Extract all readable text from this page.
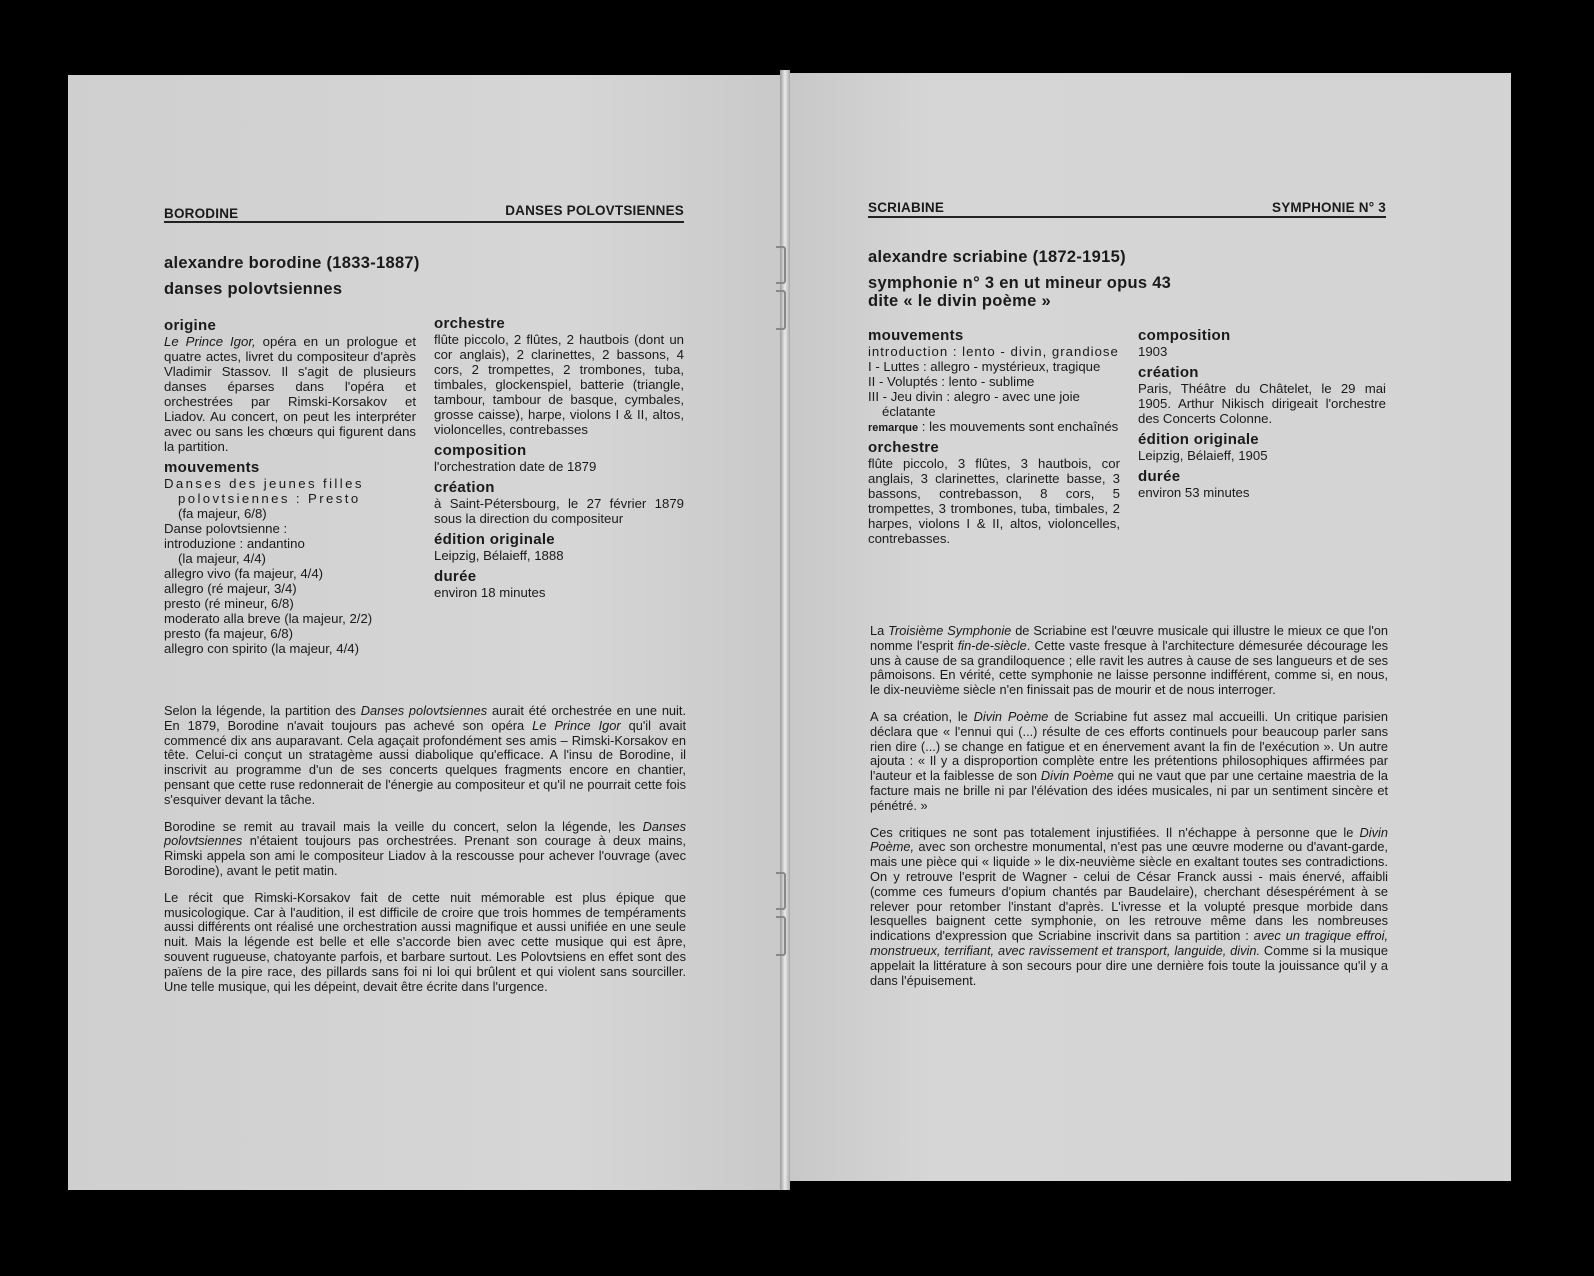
BORODINE	DANSES POLOVTSIENNES
alexandre borodine (1833-1887)
danses polovtsiennes
origine

Le Prince Igor, opéra en un prologue et quatre actes, livret du compositeur d'après Vladimir Stassov. Il s'agit de plusieurs danses éparses dans l'opéra et orchestrées par Rimski-Korsakov et Liadov. Au concert, on peut les interpréter avec ou sans les chœurs qui figurent dans la partition.

mouvements
Danses des jeunes filles polovtsiennes : Presto
(fa majeur, 6/8)
Danse polovtsienne :
introduzione : andantino
(la majeur, 4/4)
allegro vivo (fa majeur, 4/4)
allegro (ré majeur, 3/4)
presto (ré mineur, 6/8)
moderato alla breve (la majeur, 2/2)
presto (fa majeur, 6/8)
allegro con spirito (la majeur, 4/4)
orchestre

flûte piccolo, 2 flûtes, 2 hautbois (dont un cor anglais), 2 clarinettes, 2 bassons, 4 cors, 2 trompettes, 2 trombones, tuba, timbales, glockenspiel, batterie (triangle, tambour, tambour de basque, cymbales, grosse caisse), harpe, violons I & II, altos, violoncelles, contrebasses

composition

l'orchestration date de 1879

création

à Saint-Pétersbourg, le 27 février 1879 sous la direction du compositeur

édition originale

Leipzig, Bélaieff, 1888

durée

environ 18 minutes

Selon la légende, la partition des Danses polovtsiennes aurait été orchestrée en une nuit. En 1879, Borodine n'avait toujours pas achevé son opéra Le Prince Igor qu'il avait commencé dix ans auparavant. Cela agaçait profondément ses amis – Rimski-Korsakov en tête. Celui-ci conçut un stratagème aussi diabolique qu'efficace. A l'insu de Borodine, il inscrivit au programme d'un de ses concerts quelques fragments encore en chantier, pensant que cette ruse redonnerait de l'énergie au compositeur et qu'il ne pourrait cette fois s'esquiver devant la tâche.

Borodine se remit au travail mais la veille du concert, selon la légende, les Danses polovtsiennes n'étaient toujours pas orchestrées. Prenant son courage à deux mains, Rimski appela son ami le compositeur Liadov à la rescousse pour achever l'ouvrage (avec Borodine), avant le petit matin.

Le récit que Rimski-Korsakov fait de cette nuit mémorable est plus épique que musicologique. Car à l'audition, il est difficile de croire que trois hommes de tempéraments aussi différents ont réalisé une orchestration aussi magnifique et aussi unifiée en une seule nuit. Mais la légende est belle et elle s'accorde bien avec cette musique qui est âpre, souvent rugueuse, chatoyante parfois, et barbare surtout. Les Polovtsiens en effet sont des païens de la pire race, des pillards sans foi ni loi qui brûlent et qui violent sans sourciller. Une telle musique, qui les dépeint, devait être écrite dans l'urgence.

SCRIABINE	SYMPHONIE N° 3
alexandre scriabine (1872-1915)
symphonie n° 3 en ut mineur opus 43
dite « le divin poème »
mouvements
introduction : lento - divin, grandiose
I - Luttes : allegro - mystérieux, tragique
II - Voluptés : lento - sublime
III - Jeu divin : alegro - avec une joie éclatante
remarque : les mouvements sont enchaînés
orchestre

flûte piccolo, 3 flûtes, 3 hautbois, cor anglais, 3 clarinettes, clarinette basse, 3 bassons, contrebasson, 8 cors, 5 trompettes, 3 trombones, tuba, timbales, 2 harpes, violons I & II, altos, violoncelles, contrebasses.

composition

1903

création

Paris, Théâtre du Châtelet, le 29 mai 1905. Arthur Nikisch dirigeait l'orchestre des Concerts Colonne.

édition originale

Leipzig, Bélaieff, 1905

durée

environ 53 minutes

La Troisième Symphonie de Scriabine est l'œuvre musicale qui illustre le mieux ce que l'on nomme l'esprit fin-de-siècle. Cette vaste fresque à l'architecture démesurée décourage les uns à cause de sa grandiloquence ; elle ravit les autres à cause de ses langueurs et de ses pâmoisons. En vérité, cette symphonie ne laisse personne indifférent, comme si, en nous, le dix-neuvième siècle n'en finissait pas de mourir et de nous interroger.

A sa création, le Divin Poème de Scriabine fut assez mal accueilli. Un critique parisien déclara que « l'ennui qui (...) résulte de ces efforts continuels pour beaucoup parler sans rien dire (...) se change en fatigue et en énervement avant la fin de l'exécution ». Un autre ajouta : « Il y a disproportion complète entre les prétentions philosophiques affirmées par l'auteur et la faiblesse de son Divin Poème qui ne vaut que par une certaine maestria de la facture mais ne brille ni par l'élévation des idées musicales, ni par un sentiment sincère et pénétré. »

Ces critiques ne sont pas totalement injustifiées. Il n'échappe à personne que le Divin Poème, avec son orchestre monumental, n'est pas une œuvre moderne ou d'avant-garde, mais une pièce qui « liquide » le dix-neuvième siècle en exaltant toutes ses contradictions. On y retrouve l'esprit de Wagner - celui de César Franck aussi - mais énervé, affaibli (comme ces fumeurs d'opium chantés par Baudelaire), cherchant désespérément à se relever pour retomber l'instant d'après. L'ivresse et la volupté presque morbide dans lesquelles baignent cette symphonie, on les retrouve même dans les nombreuses indications d'expression que Scriabine inscrivit dans sa partition : avec un tragique effroi, monstrueux, terrifiant, avec ravissement et transport, languide, divin. Comme si la musique appelait la littérature à son secours pour dire une dernière fois toute la jouissance qu'il y a dans l'épuisement.
